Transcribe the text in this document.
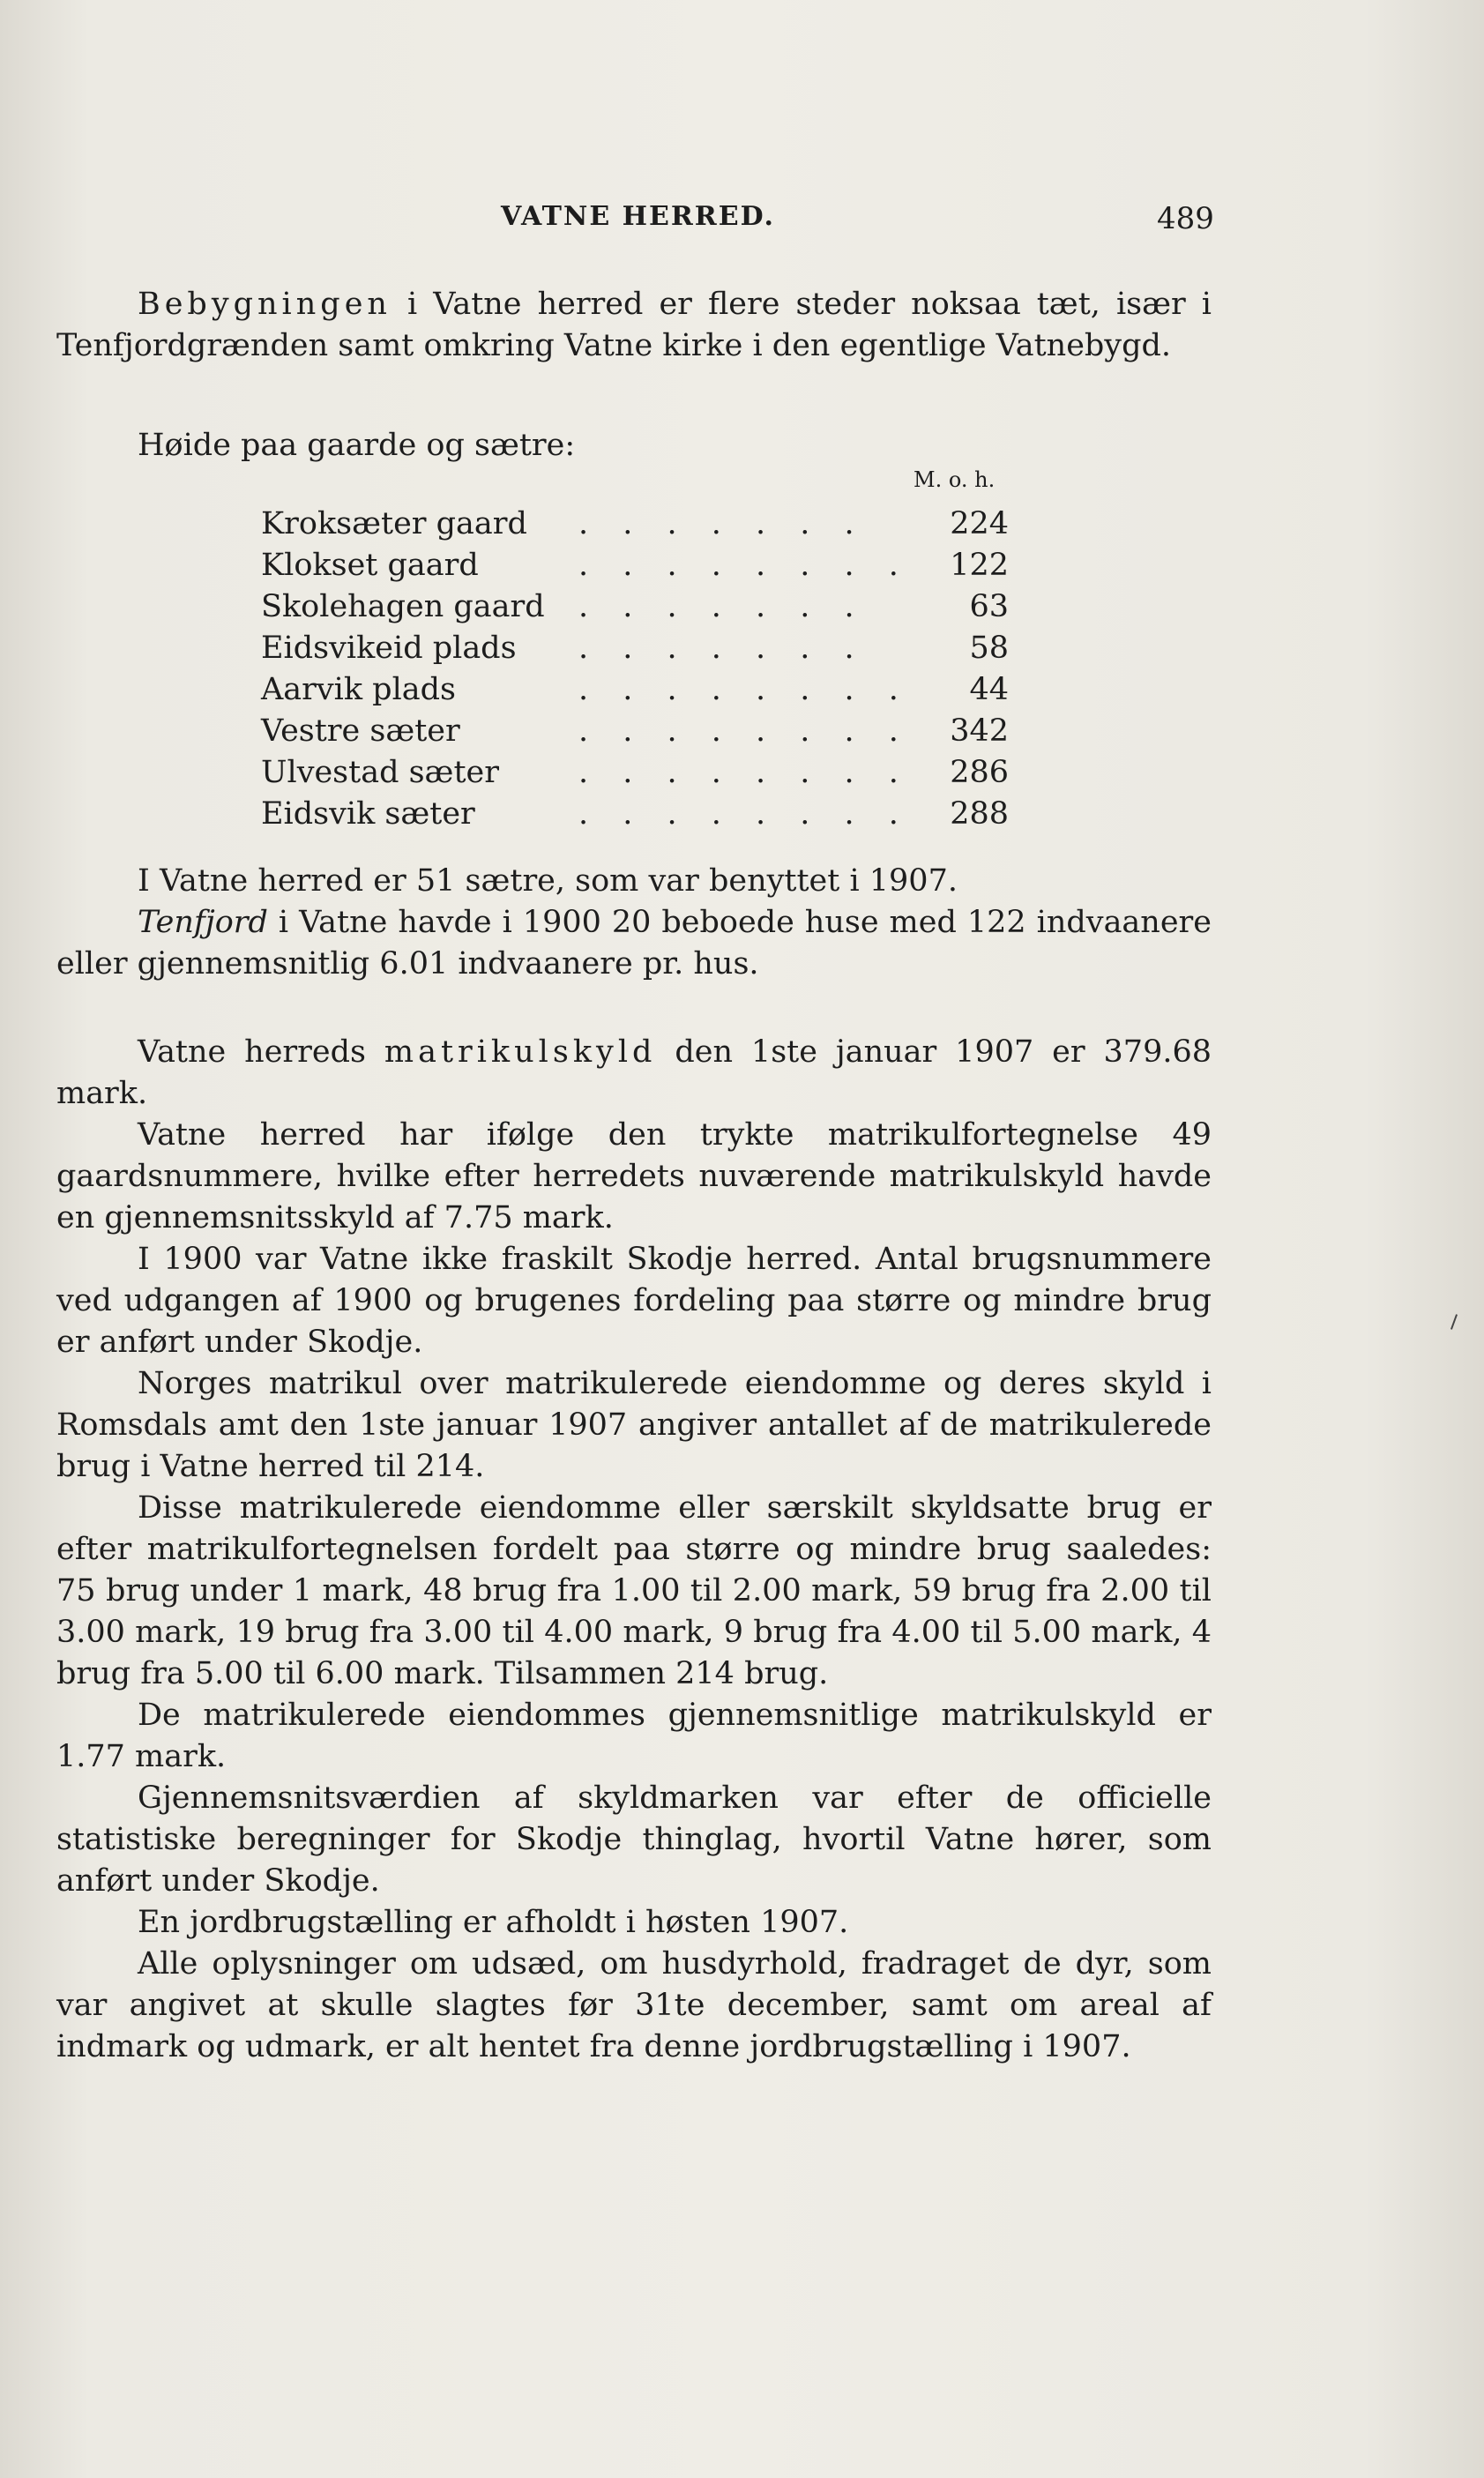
VATNE HERRED.	489

Bebygningen i Vatne herred er flere steder noksaa tæt, især i Tenfjordgrænden samt omkring Vatne kirke i den egentlige Vatnebygd.

Høide paa gaarde og sætre:

M. o. h.
Kroksæter gaard . . . . . . .	224
Klokset gaard	. . . . . . . . 122
Skolehagen gaard . . . . . . .	63
Eidsvikeid plads . . . . . . .	58
Aarvik plads	. . . . . . . . 44
Vestre sæter	. . . . . . . . 342
Ulvestad sæter	. . . . . . . . 286
Eidsvik sæter	. . . . . . . . 288

I Vatne herred er 51 sætre, som var benyttet i 1907.

Tenfjord i Vatne havde i 1900 20 beboede huse med 122 indvaanere eller gjennemsnitlig 6.01 indvaanere pr. hus.

Vatne herreds matrikulskyld den 1ste januar 1907 er 379.68 mark.

Vatne herred har ifølge den trykte matrikulfortegnelse 49 gaardsnummere, hvilke efter herredets nuværende matrikulskyld havde en gjennemsnitsskyld af 7.75 mark.

I 1900 var Vatne ikke fraskilt Skodje herred. Antal brugsnummere ved udgangen af 1900 og brugenes fordeling paa større og mindre brug er anført under Skodje.

Norges matrikul over matrikulerede eiendomme og deres skyld i Romsdals amt den 1ste januar 1907 angiver antallet af de matrikulerede brug i Vatne herred til 214.

Disse matrikulerede eiendomme eller særskilt skyldsatte brug er efter matrikulfortegnelsen fordelt paa større og mindre brug saaledes: 75 brug under 1 mark, 48 brug fra 1.00 til 2.00 mark, 59 brug fra 2.00 til 3.00 mark, 19 brug fra 3.00 til 4.00 mark, 9 brug fra 4.00 til 5.00 mark, 4 brug fra 5.00 til 6.00 mark. Tilsammen 214 brug.

De matrikulerede eiendommes gjennemsnitlige matrikulskyld er 1.77 mark.

Gjennemsnitsværdien af skyldmarken var efter de officielle statistiske beregninger for Skodje thinglag, hvortil Vatne hører, som anført under Skodje.

En jordbrugstælling er afholdt i høsten 1907.

Alle oplysninger om udsæd, om husdyrhold, fradraget de dyr, som var angivet at skulle slagtes før 31te december, samt om areal af indmark og udmark, er alt hentet fra denne jordbrugstælling i 1907.
